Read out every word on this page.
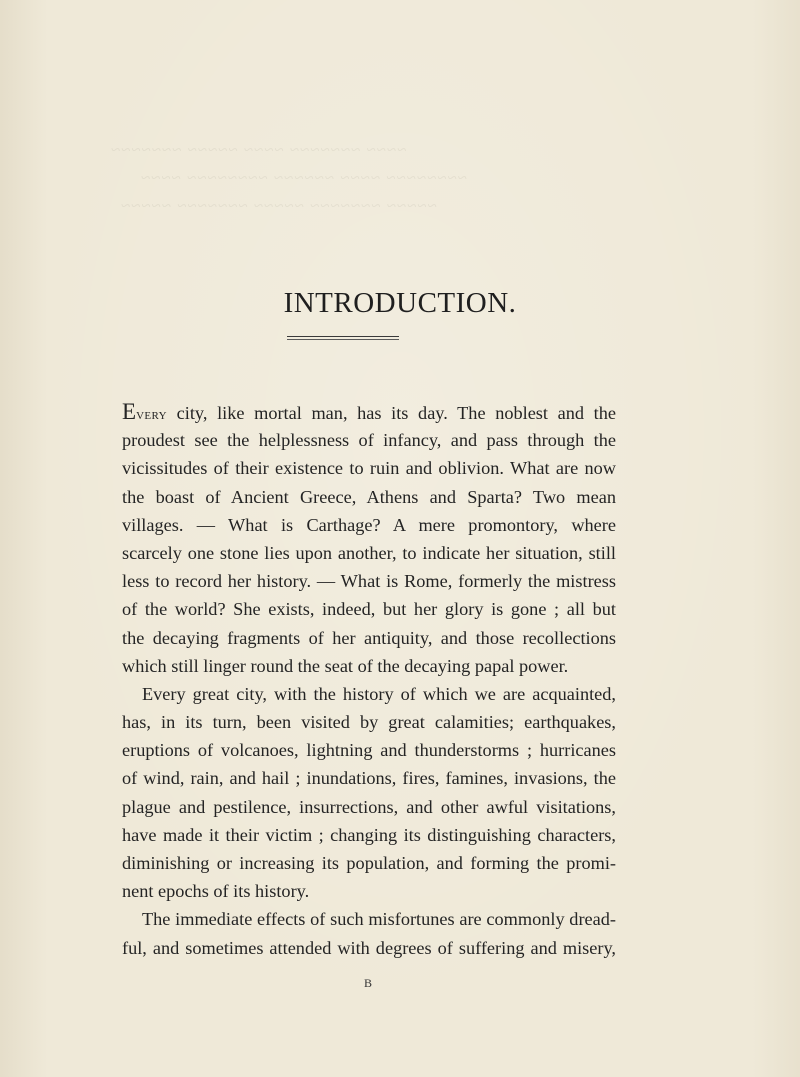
~~~~ ~~~~~~~ ~~~~ ~~~~~ ~~~~~~~
~~~~~~~~ ~~~~ ~~~~~~ ~~~~~~~~ ~~~~
~~~~~ ~~~~~~~ ~~~~~ ~~~~~~~ ~~~~~
INTRODUCTION.
Every city, like mortal man, has its day. The noblest and the
proudest see the helplessness of infancy, and pass through the
vicissitudes of their existence to ruin and oblivion. What are now
the boast of Ancient Greece, Athens and Sparta? Two mean
villages. — What is Carthage? A mere promontory, where
scarcely one stone lies upon another, to indicate her situation, still
less to record her history. — What is Rome, formerly the mistress
of the world? She exists, indeed, but her glory is gone ; all but
the decaying fragments of her antiquity, and those recollections
which still linger round the seat of the decaying papal power.
Every great city, with the history of which we are acquainted,
has, in its turn, been visited by great calamities; earthquakes,
eruptions of volcanoes, lightning and thunderstorms ; hurricanes
of wind, rain, and hail ; inundations, fires, famines, invasions, the
plague and pestilence, insurrections, and other awful visitations,
have made it their victim ; changing its distinguishing characters,
diminishing or increasing its population, and forming the promi-
nent epochs of its history.
The immediate effects of such misfortunes are commonly dread-
ful, and sometimes attended with degrees of suffering and misery,
B
